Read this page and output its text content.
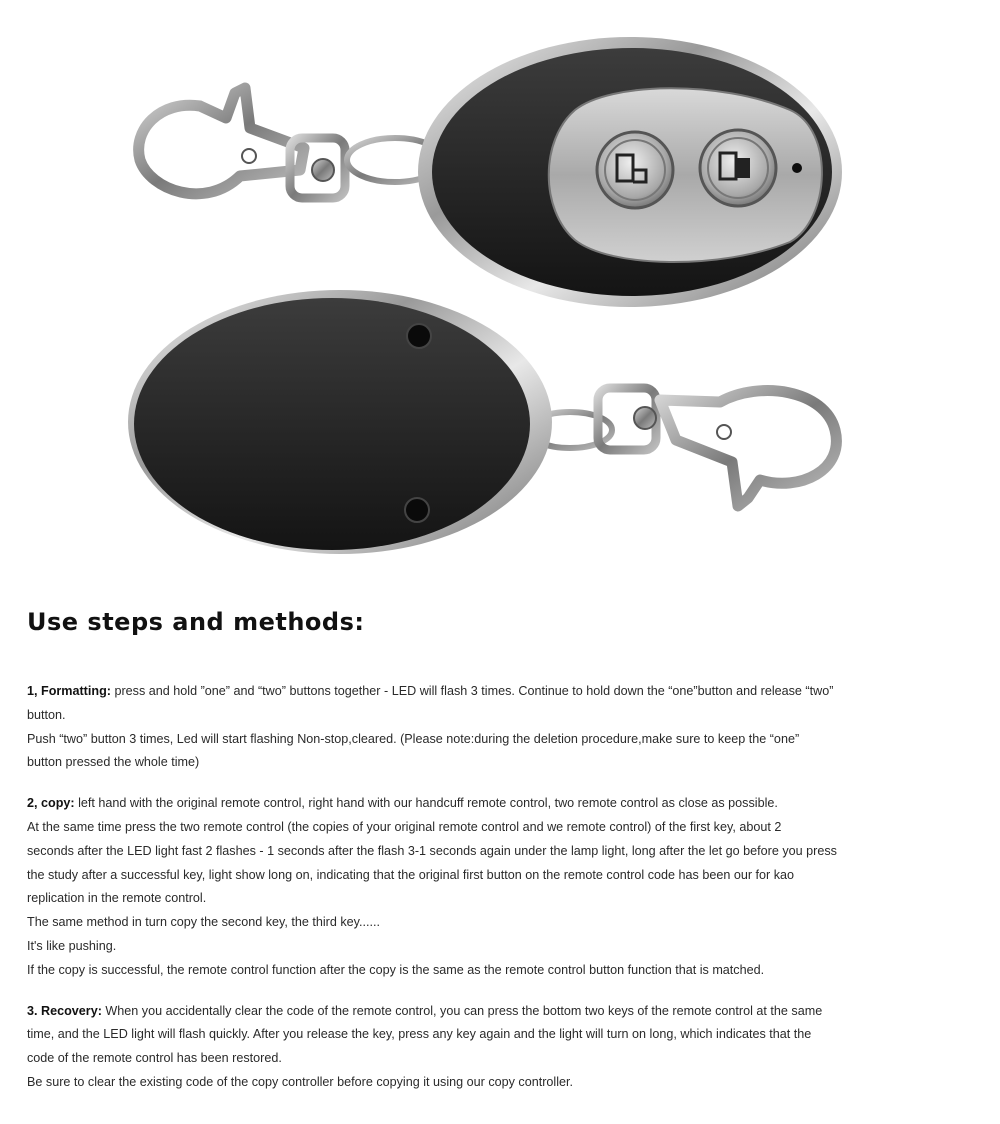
Use steps and methods:
1, Formatting: press and hold ”one” and “two” buttons together - LED will flash 3 times. Continue to hold down the “one”button and release “two”
button.
Push “two” button 3 times, Led will start flashing Non-stop,cleared. (Please note:during the deletion procedure,make sure to keep the “one”
button pressed the whole time)
2, copy: left hand with the original remote control, right hand with our handcuff remote control, two remote control as close as possible.
At the same time press the two remote control (the copies of your original remote control and we remote control) of the first key, about 2
seconds after the LED light fast 2 flashes - 1 seconds after the flash 3-1 seconds again under the lamp light, long after the let go before you press
the study after a successful key, light show long on, indicating that the original first button on the remote control code has been our for kao
replication in the remote control.
The same method in turn copy the second key, the third key......
It's like pushing.
If the copy is successful, the remote control function after the copy is the same as the remote control button function that is matched.
3. Recovery: When you accidentally clear the code of the remote control, you can press the bottom two keys of the remote control at the same
time, and the LED light will flash quickly. After you release the key, press any key again and the light will turn on long, which indicates that the
code of the remote control has been restored.
Be sure to clear the existing code of the copy controller before copying it using our copy controller.
